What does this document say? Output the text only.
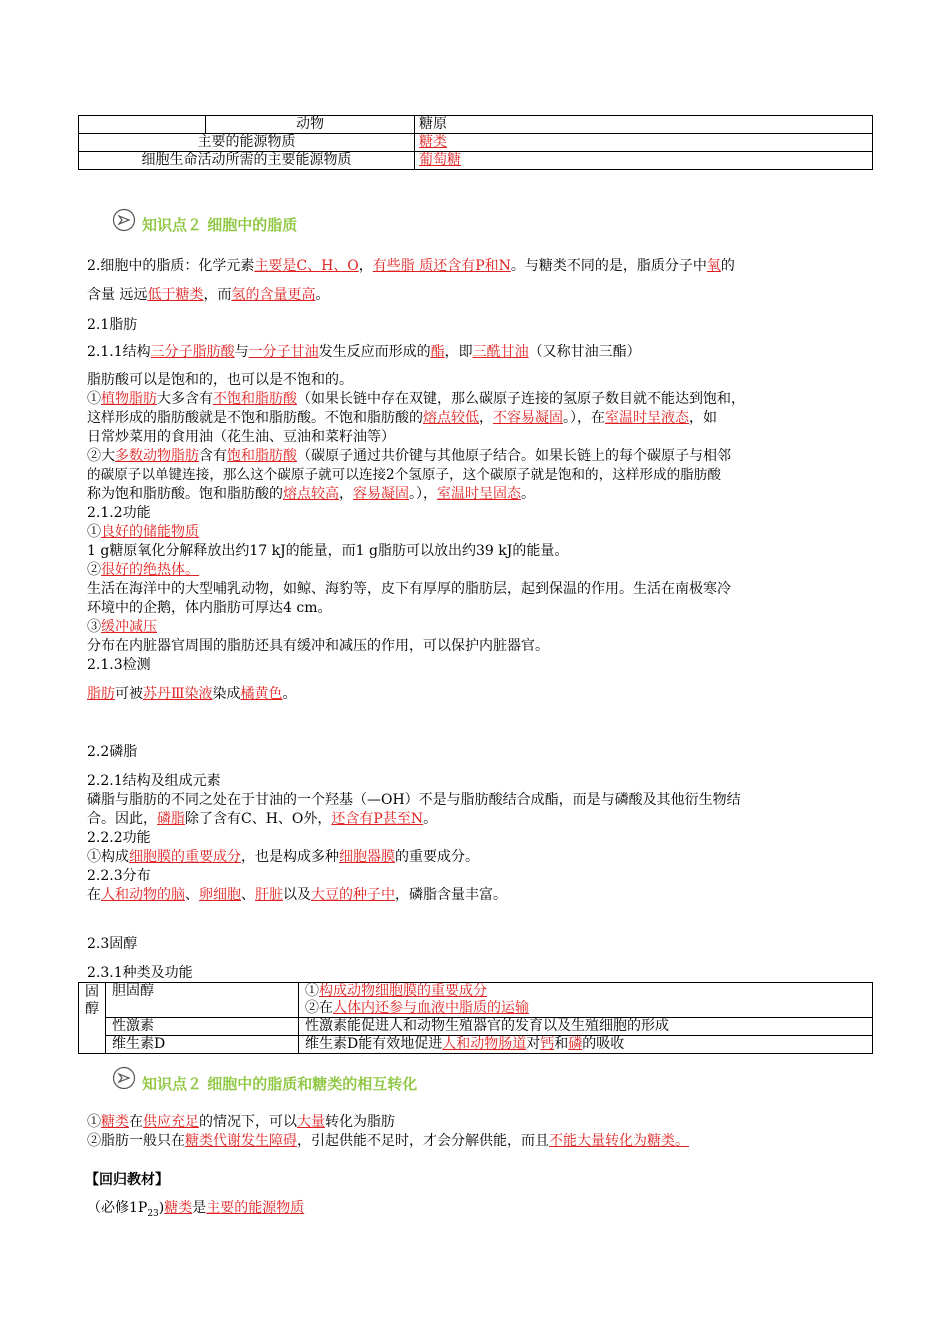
	动物	糖原
主要的能源物质		糖类
细胞生命活动所需的主要能源物质		葡萄糖
知识点２ 细胞中的脂质
2.细胞中的脂质：化学元素主要是C、H、O，有些脂 质还含有P和N。与糖类不同的是，脂质分子中氧的
含量 远远低于糖类，而氢的含量更高。
2.1脂肪
2.1.1结构三分子脂肪酸与一分子甘油发生反应而形成的酯，即三酰甘油（又称甘油三酯）
脂肪酸可以是饱和的，也可以是不饱和的。
①植物脂肪大多含有不饱和脂肪酸（如果长链中存在双键，那么碳原子连接的氢原子数目就不能达到饱和，
这样形成的脂肪酸就是不饱和脂肪酸。不饱和脂肪酸的熔点较低，不容易凝固。），在室温时呈液态，如
日常炒菜用的食用油（花生油、豆油和菜籽油等）
②大多数动物脂肪含有饱和脂肪酸（碳原子通过共价键与其他原子结合。如果长链上的每个碳原子与相邻
的碳原子以单键连接，那么这个碳原子就可以连接2个氢原子，这个碳原子就是饱和的，这样形成的脂肪酸
称为饱和脂肪酸。饱和脂肪酸的熔点较高，容易凝固。），室温时呈固态。
2.1.2功能
①良好的储能物质
1 g糖原氧化分解释放出约17 kJ的能量，而1 g脂肪可以放出约39 kJ的能量。
②很好的绝热体。
生活在海洋中的大型哺乳动物，如鲸、海豹等，皮下有厚厚的脂肪层，起到保温的作用。生活在南极寒冷
环境中的企鹅，体内脂肪可厚达4 cm。
③缓冲减压
分布在内脏器官周围的脂肪还具有缓冲和减压的作用，可以保护内脏器官。
2.1.3检测
脂肪可被苏丹Ⅲ染液染成橘黄色。
2.2磷脂
2.2.1结构及组成元素
磷脂与脂肪的不同之处在于甘油的一个羟基（—OH）不是与脂肪酸结合成酯，而是与磷酸及其他衍生物结
合。因此，磷脂除了含有C、H、O外，还含有P甚至N。
2.2.2功能
①构成细胞膜的重要成分，也是构成多种细胞器膜的重要成分。
2.2.3分布
在人和动物的脑、卵细胞、肝脏以及大豆的种子中，磷脂含量丰富。
2.3固醇
2.3.1种类及功能
固醇	胆固醇	①构成动物细胞膜的重要成分
②在人体内还参与血液中脂质的运输

	性激素	性激素能促进人和动物生殖器官的发育以及生殖细胞的形成
	维生素D	维生素D能有效地促进人和动物肠道对钙和磷的吸收
知识点２ 细胞中的脂质和糖类的相互转化
①糖类在供应充足的情况下，可以大量转化为脂肪
②脂肪一般只在糖类代谢发生障碍，引起供能不足时，才会分解供能，而且不能大量转化为糖类。
【回归教材】
（必修$1P_{23}$)糖类是主要的能源物质
